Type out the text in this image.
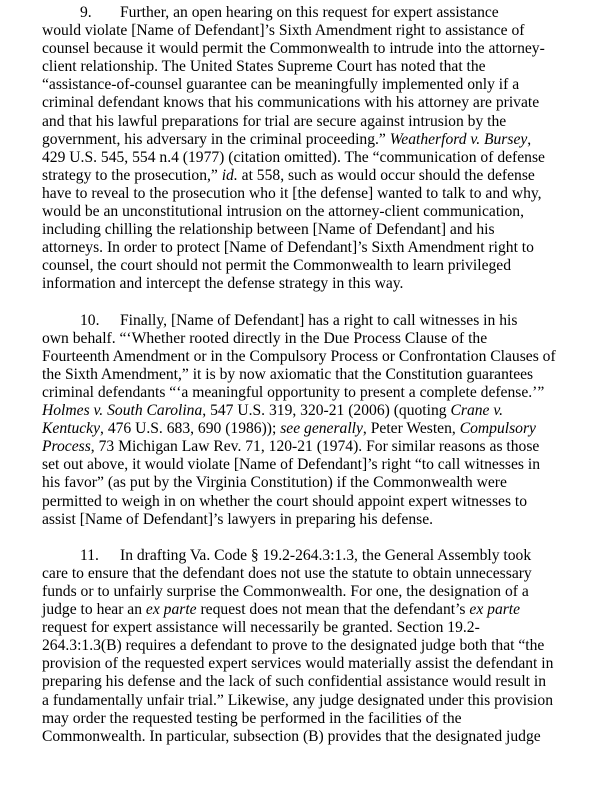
9. Further, an open hearing on this request for expert assistance
would violate [Name of Defendant]’s Sixth Amendment right to assistance of
counsel because it would permit the Commonwealth to intrude into the attorney-
client relationship. The United States Supreme Court has noted that the
“assistance-of-counsel guarantee can be meaningfully implemented only if a
criminal defendant knows that his communications with his attorney are private
and that his lawful preparations for trial are secure against intrusion by the
government, his adversary in the criminal proceeding.” Weatherford v. Bursey,
429 U.S. 545, 554 n.4 (1977) (citation omitted). The “communication of defense
strategy to the prosecution,” id. at 558, such as would occur should the defense
have to reveal to the prosecution who it [the defense] wanted to talk to and why,
would be an unconstitutional intrusion on the attorney-client communication,
including chilling the relationship between [Name of Defendant] and his
attorneys. In order to protect [Name of Defendant]’s Sixth Amendment right to
counsel, the court should not permit the Commonwealth to learn privileged
information and intercept the defense strategy in this way.
10. Finally, [Name of Defendant] has a right to call witnesses in his
own behalf. “‘Whether rooted directly in the Due Process Clause of the
Fourteenth Amendment or in the Compulsory Process or Confrontation Clauses of
the Sixth Amendment,” it is by now axiomatic that the Constitution guarantees
criminal defendants “‘a meaningful opportunity to present a complete defense.’”
Holmes v. South Carolina, 547 U.S. 319, 320-21 (2006) (quoting Crane v.
Kentucky, 476 U.S. 683, 690 (1986)); see generally, Peter Westen, Compulsory
Process, 73 Michigan Law Rev. 71, 120-21 (1974). For similar reasons as those
set out above, it would violate [Name of Defendant]’s right “to call witnesses in
his favor” (as put by the Virginia Constitution) if the Commonwealth were
permitted to weigh in on whether the court should appoint expert witnesses to
assist [Name of Defendant]’s lawyers in preparing his defense.
11. In drafting Va. Code § 19.2-264.3:1.3, the General Assembly took
care to ensure that the defendant does not use the statute to obtain unnecessary
funds or to unfairly surprise the Commonwealth. For one, the designation of a
judge to hear an ex parte request does not mean that the defendant’s ex parte
request for expert assistance will necessarily be granted. Section 19.2-
264.3:1.3(B) requires a defendant to prove to the designated judge both that “the
provision of the requested expert services would materially assist the defendant in
preparing his defense and the lack of such confidential assistance would result in
a fundamentally unfair trial.” Likewise, any judge designated under this provision
may order the requested testing be performed in the facilities of the
Commonwealth. In particular, subsection (B) provides that the designated judge
